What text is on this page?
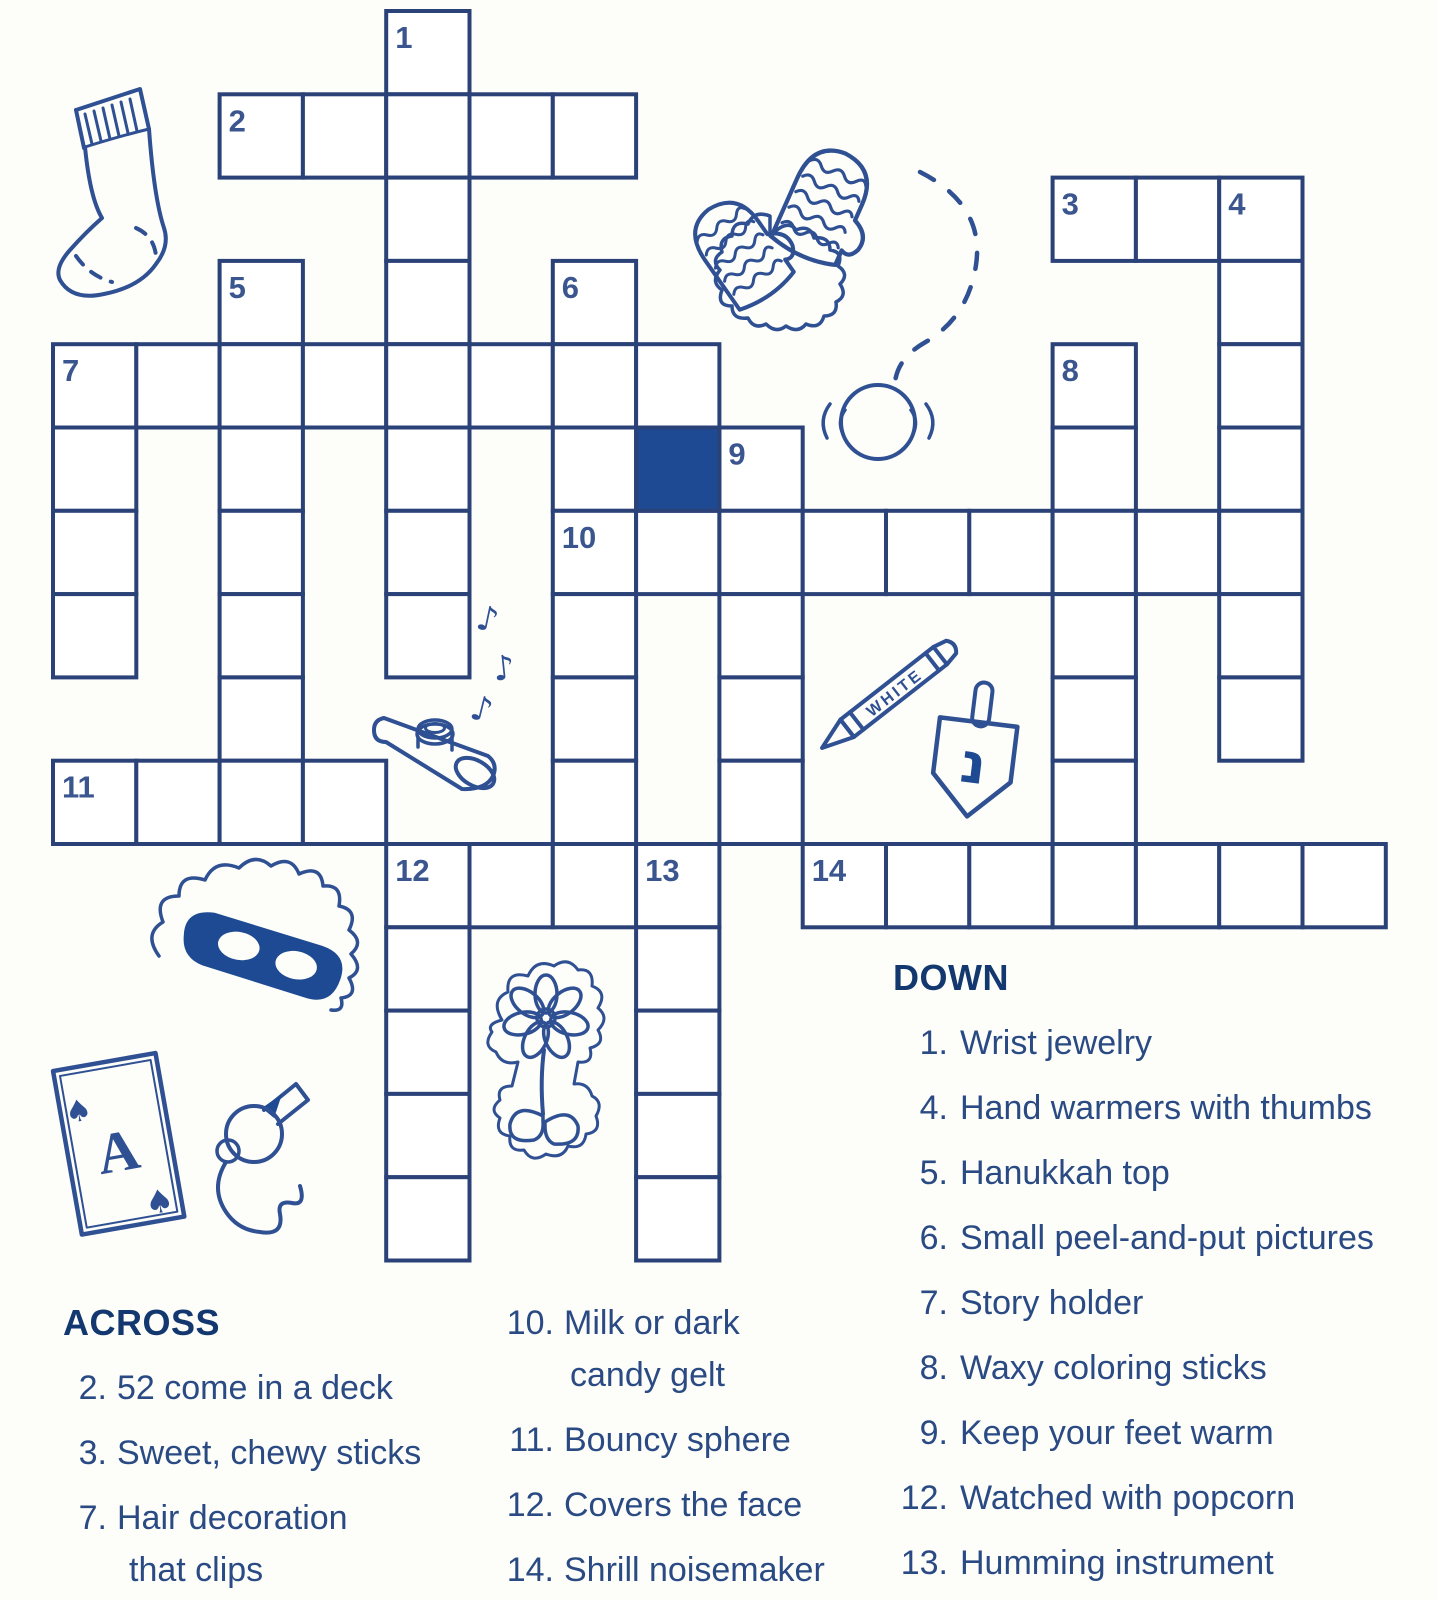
1
2
3	4
5	6
7	8
9
10
11
12	13	14
♪
♪
♪	WHITE
נ
♠
A
♠
ACROSS
2. 52 come in a deck
3. Sweet, chewy sticks
7. Hair decoration
that clips
10. Milk or dark
candy gelt
11. Bouncy sphere
12. Covers the face
14. Shrill noisemaker
DOWN
1. Wrist jewelry
4. Hand warmers with thumbs
5. Hanukkah top
6. Small peel-and-put pictures
7. Story holder
8. Waxy coloring sticks
9. Keep your feet warm
12. Watched with popcorn
13. Humming instrument
